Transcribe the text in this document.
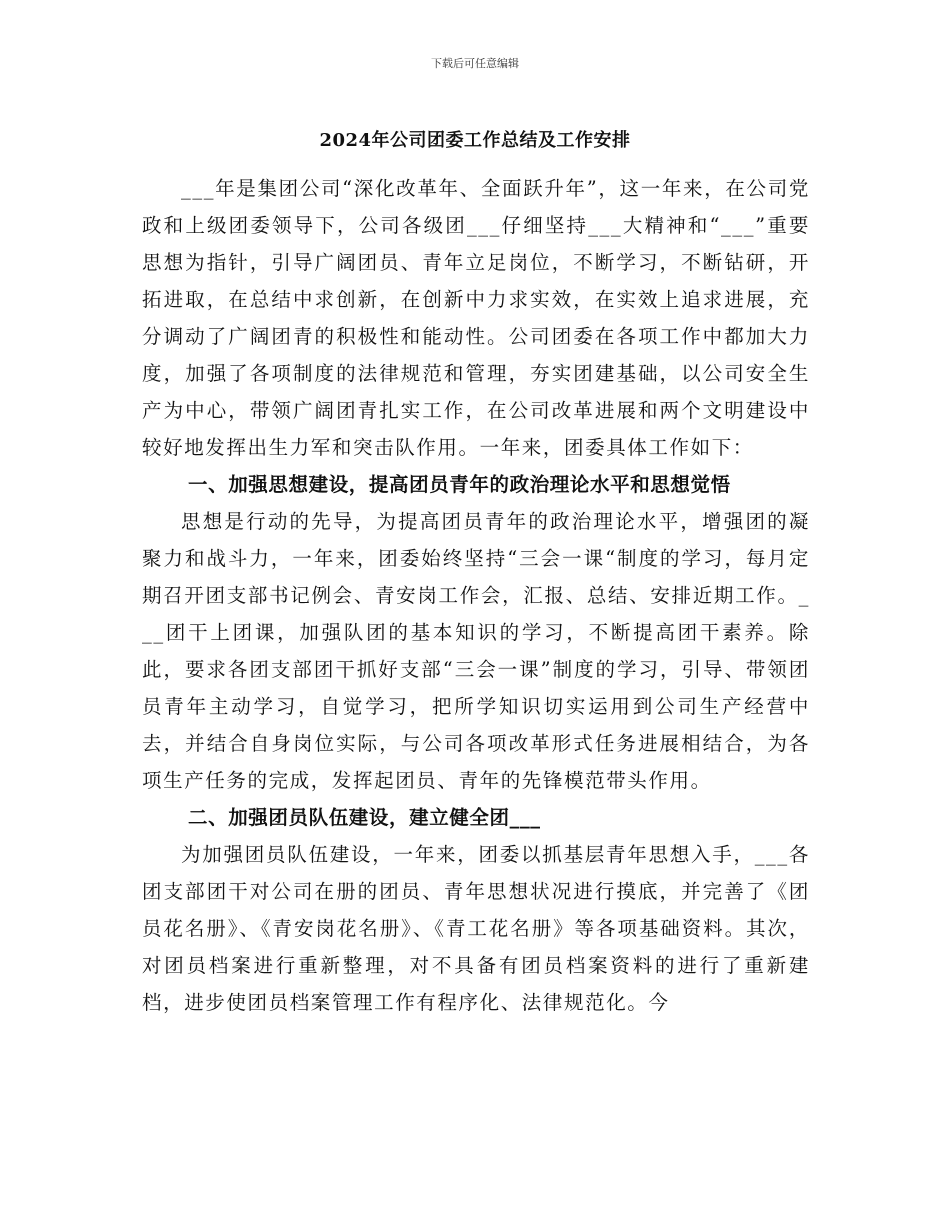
下载后可任意编辑
2024年公司团委工作总结及工作安排

___年是集团公司“深化改革年、全面跃升年”，这一年来，在公司党政和上级团委领导下，公司各级团___仔细坚持___大精神和“___”重要思想为指针，引导广阔团员、青年立足岗位，不断学习，不断钻研，开拓进取，在总结中求创新，在创新中力求实效，在实效上追求进展，充分调动了广阔团青的积极性和能动性。公司团委在各项工作中都加大力度，加强了各项制度的法律规范和管理，夯实团建基础，以公司安全生产为中心，带领广阔团青扎实工作，在公司改革进展和两个文明建设中较好地发挥出生力军和突击队作用。一年来，团委具体工作如下：

一、加强思想建设，提高团员青年的政治理论水平和思想觉悟

思想是行动的先导，为提高团员青年的政治理论水平，增强团的凝聚力和战斗力，一年来，团委始终坚持“三会一课“制度的学习，每月定期召开团支部书记例会、青安岗工作会，汇报、总结、安排近期工作。___团干上团课，加强队团的基本知识的学习，不断提高团干素养。除此，要求各团支部团干抓好支部“三会一课”制度的学习，引导、带领团员青年主动学习，自觉学习，把所学知识切实运用到公司生产经营中去，并结合自身岗位实际，与公司各项改革形式任务进展相结合，为各项生产任务的完成，发挥起团员、青年的先锋模范带头作用。

二、加强团员队伍建设，建立健全团___

为加强团员队伍建设，一年来，团委以抓基层青年思想入手，___各团支部团干对公司在册的团员、青年思想状况进行摸底，并完善了《团员花名册》、《青安岗花名册》、《青工花名册》等各项基础资料。其次，对团员档案进行重新整理，对不具备有团员档案资料的进行了重新建档，进步使团员档案管理工作有程序化、法律规范化。今
